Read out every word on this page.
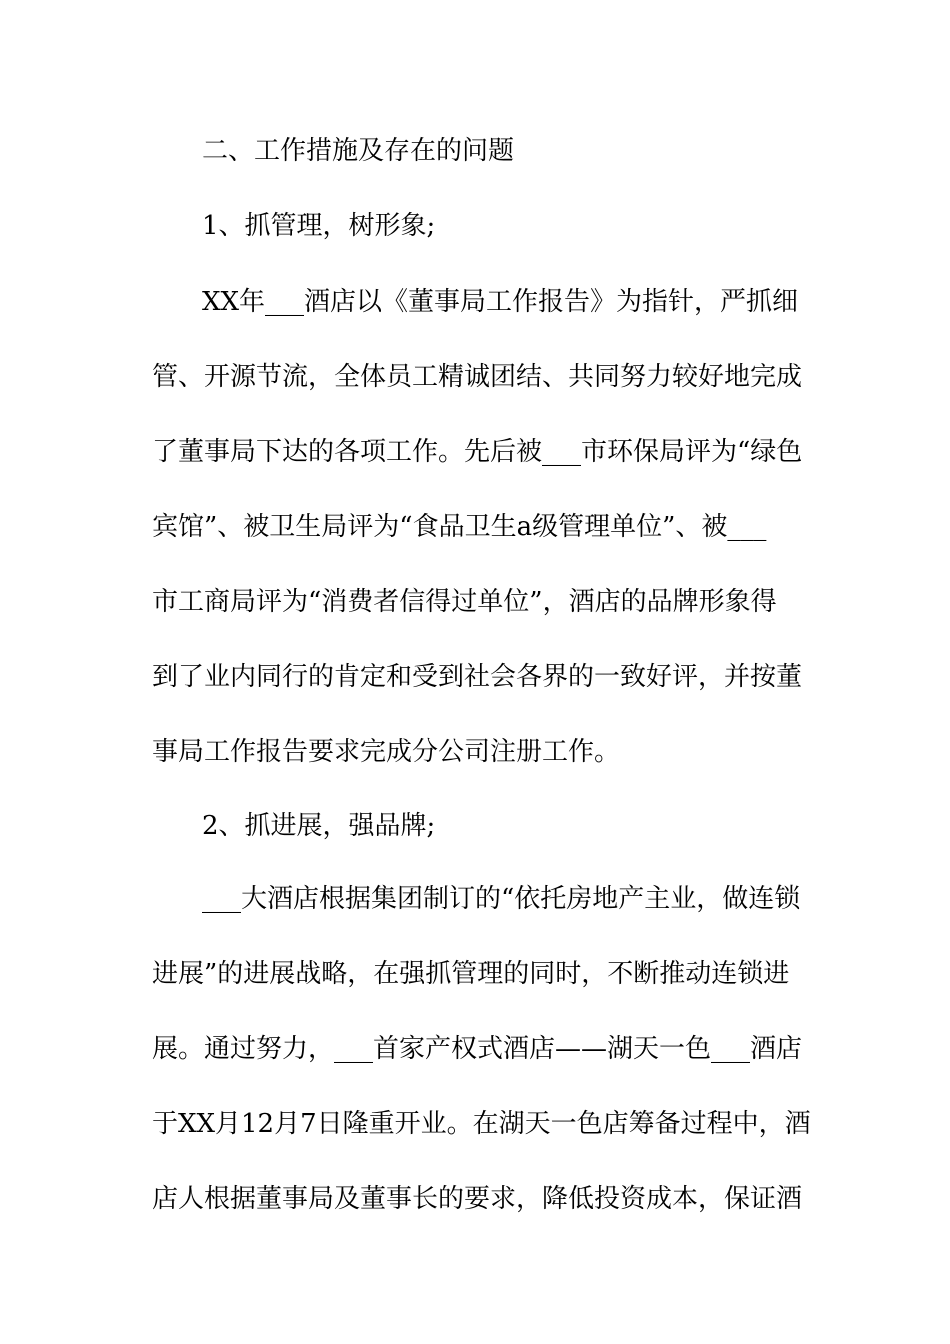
二、工作措施及存在的问题
1、抓管理，树形象;
XX年___酒店以《董事局工作报告》为指针，严抓细
管、开源节流，全体员工精诚团结、共同努力较好地完成
了董事局下达的各项工作。先后被___市环保局评为“绿色
宾馆”、被卫生局评为“食品卫生a级管理单位”、被___
市工商局评为“消费者信得过单位”，酒店的品牌形象得
到了业内同行的肯定和受到社会各界的一致好评，并按董
事局工作报告要求完成分公司注册工作。
2、抓进展，强品牌;
___大酒店根据集团制订的“依托房地产主业，做连锁
进展”的进展战略，在强抓管理的同时，不断推动连锁进
展。通过努力，___首家产权式酒店——湖天一色___酒店
于XX月12月7日隆重开业。在湖天一色店筹备过程中，酒
店人根据董事局及董事长的要求，降低投资成本，保证酒
